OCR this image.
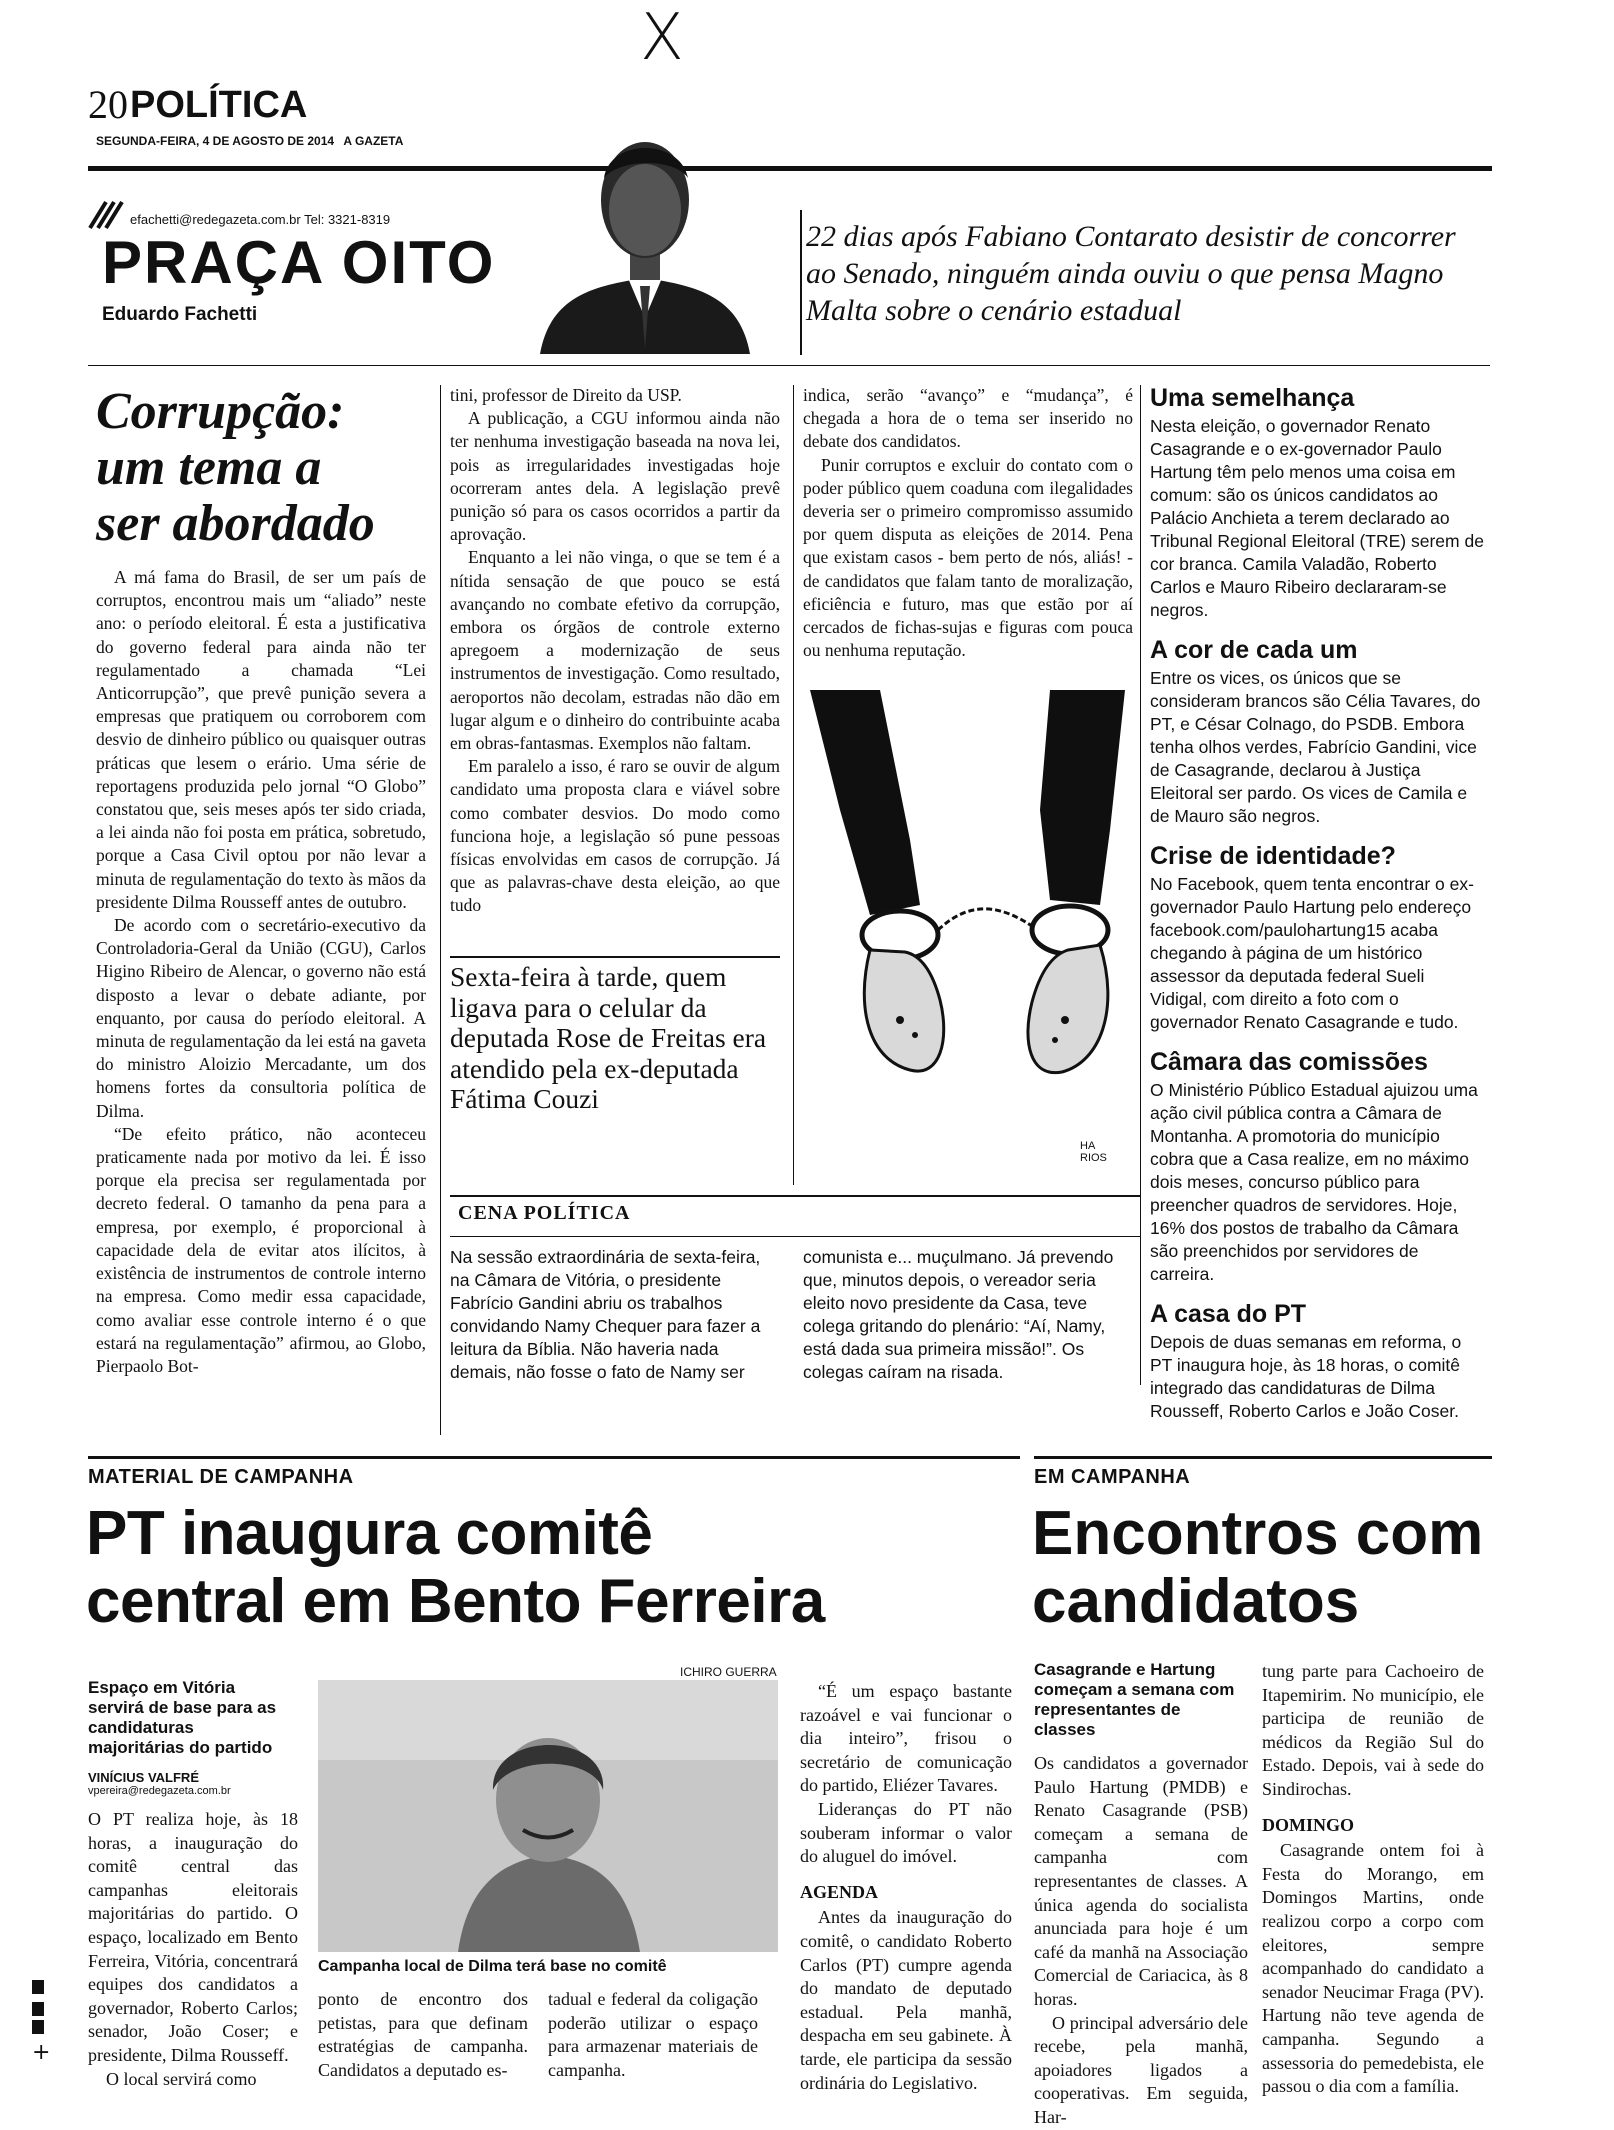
X
20 POLÍTICA
SEGUNDA-FEIRA, 4 DE AGOSTO DE 2014 A GAZETA
efachetti@redegazeta.com.br Tel: 3321-8319
PRAÇA OITO
Eduardo Fachetti
22 dias após Fabiano Contarato desistir de concorrer ao Senado, ninguém ainda ouviu o que pensa Magno Malta sobre o cenário estadual
Corrupção:
um tema a
ser abordado

A má fama do Brasil, de ser um país de corruptos, encontrou mais um “aliado” neste ano: o período eleitoral. É esta a justificativa do governo federal para ainda não ter regulamentado a chamada “Lei Anticorrupção”, que prevê punição severa a empresas que pratiquem ou corroborem com desvio de dinheiro público ou quaisquer outras práticas que lesem o erário. Uma série de reportagens produzida pelo jornal “O Globo” constatou que, seis meses após ter sido criada, a lei ainda não foi posta em prática, sobretudo, porque a Casa Civil optou por não levar a minuta de regulamentação do texto às mãos da presidente Dilma Rousseff antes de outubro.

De acordo com o secretário-executivo da Controladoria-Geral da União (CGU), Carlos Higino Ribeiro de Alencar, o governo não está disposto a levar o debate adiante, por enquanto, por causa do período eleitoral. A minuta de regulamentação da lei está na gaveta do ministro Aloizio Mercadante, um dos homens fortes da consultoria política de Dilma.

“De efeito prático, não aconteceu praticamente nada por motivo da lei. É isso porque ela precisa ser regulamentada por decreto federal. O tamanho da pena para a empresa, por exemplo, é proporcional à capacidade dela de evitar atos ilícitos, à existência de instrumentos de controle interno na empresa. Como medir essa capacidade, como avaliar esse controle interno é o que estará na regulamentação” afirmou, ao Globo, Pierpaolo Bot-

tini, professor de Direito da USP.

A publicação, a CGU informou ainda não ter nenhuma investigação baseada na nova lei, pois as irregularidades investigadas hoje ocorreram antes dela. A legislação prevê punição só para os casos ocorridos a partir da aprovação.

Enquanto a lei não vinga, o que se tem é a nítida sensação de que pouco se está avançando no combate efetivo da corrupção, embora os órgãos de controle externo apregoem a modernização de seus instrumentos de investigação. Como resultado, aeroportos não decolam, estradas não dão em lugar algum e o dinheiro do contribuinte acaba em obras-fantasmas. Exemplos não faltam.

Em paralelo a isso, é raro se ouvir de algum candidato uma proposta clara e viável sobre como combater desvios. Do modo como funciona hoje, a legislação só pune pessoas físicas envolvidas em casos de corrupção. Já que as palavras-chave desta eleição, ao que tudo

Sexta-feira à tarde, quem ligava para o celular da deputada Rose de Freitas era atendido pela ex-deputada Fátima Couzi

indica, serão “avanço” e “mudança”, é chegada a hora de o tema ser inserido no debate dos candidatos.

Punir corruptos e excluir do contato com o poder público quem coaduna com ilegalidades deveria ser o primeiro compromisso assumido por quem disputa as eleições de 2014. Pena que existam casos - bem perto de nós, aliás! - de candidatos que falam tanto de moralização, eficiência e futuro, mas que estão por aí cercados de fichas-sujas e figuras com pouca ou nenhuma reputação.

HA RIOS
CENA POLÍTICA
Na sessão extraordinária de sexta-feira, na Câmara de Vitória, o presidente Fabrício Gandini abriu os trabalhos convidando Namy Chequer para fazer a leitura da Bíblia. Não haveria nada demais, não fosse o fato de Namy ser
comunista e... muçulmano. Já prevendo que, minutos depois, o vereador seria eleito novo presidente da Casa, teve colega gritando do plenário: “Aí, Namy, está dada sua primeira missão!”. Os colegas caíram na risada.
Uma semelhança

Nesta eleição, o governador Renato Casagrande e o ex-governador Paulo Hartung têm pelo menos uma coisa em comum: são os únicos candidatos ao Palácio Anchieta a terem declarado ao Tribunal Regional Eleitoral (TRE) serem de cor branca. Camila Valadão, Roberto Carlos e Mauro Ribeiro declararam-se negros.

A cor de cada um

Entre os vices, os únicos que se consideram brancos são Célia Tavares, do PT, e César Colnago, do PSDB. Embora tenha olhos verdes, Fabrício Gandini, vice de Casagrande, declarou à Justiça Eleitoral ser pardo. Os vices de Camila e de Mauro são negros.

Crise de identidade?

No Facebook, quem tenta encontrar o ex-governador Paulo Hartung pelo endereço facebook.com/paulohartung15 acaba chegando à página de um histórico assessor da deputada federal Sueli Vidigal, com direito a foto com o governador Renato Casagrande e tudo.

Câmara das comissões

O Ministério Público Estadual ajuizou uma ação civil pública contra a Câmara de Montanha. A promotoria do município cobra que a Casa realize, em no máximo dois meses, concurso público para preencher quadros de servidores. Hoje, 16% dos postos de trabalho da Câmara são preenchidos por servidores de carreira.

A casa do PT

Depois de duas semanas em reforma, o PT inaugura hoje, às 18 horas, o comitê integrado das candidaturas de Dilma Rousseff, Roberto Carlos e João Coser.

MATERIAL DE CAMPANHA
PT inaugura comitê
central em Bento Ferreira
Espaço em Vitória servirá de base para as candidaturas majoritárias do partido
VINÍCIUS VALFRÉ
vpereira@redegazeta.com.br

O PT realiza hoje, às 18 horas, a inauguração do comitê central das campanhas eleitorais majoritárias do partido. O espaço, localizado em Bento Ferreira, Vitória, concentrará equipes dos candidatos a governador, Roberto Carlos; senador, João Coser; e presidente, Dilma Rousseff.

O local servirá como

ICHIRO GUERRA
Campanha local de Dilma terá base no comitê
ponto de encontro dos petistas, para que definam estratégias de campanha. Candidatos a deputado es-
tadual e federal da coligação poderão utilizar o espaço para armazenar materiais de campanha.

“É um espaço bastante razoável e vai funcionar o dia inteiro”, frisou o secretário de comunicação do partido, Eliézer Tavares.

Lideranças do PT não souberam informar o valor do aluguel do imóvel.

AGENDA

Antes da inauguração do comitê, o candidato Roberto Carlos (PT) cumpre agenda do mandato de deputado estadual. Pela manhã, despacha em seu gabinete. À tarde, ele participa da sessão ordinária do Legislativo.

EM CAMPANHA
Encontros com
candidatos
Casagrande e Hartung começam a semana com representantes de classes

Os candidatos a governador Paulo Hartung (PMDB) e Renato Casagrande (PSB) começam a semana de campanha com representantes de classes. A única agenda do socialista anunciada para hoje é um café da manhã na Associação Comercial de Cariacica, às 8 horas.

O principal adversário dele recebe, pela manhã, apoiadores ligados a cooperativas. Em seguida, Har-

tung parte para Cachoeiro de Itapemirim. No município, ele participa de reunião de médicos da Região Sul do Estado. Depois, vai à sede do Sindirochas.

DOMINGO

Casagrande ontem foi à Festa do Morango, em Domingos Martins, onde realizou corpo a corpo com eleitores, sempre acompanhado do candidato a senador Neucimar Fraga (PV). Hartung não teve agenda de campanha. Segundo a assessoria do pemedebista, ele passou o dia com a família.

+
